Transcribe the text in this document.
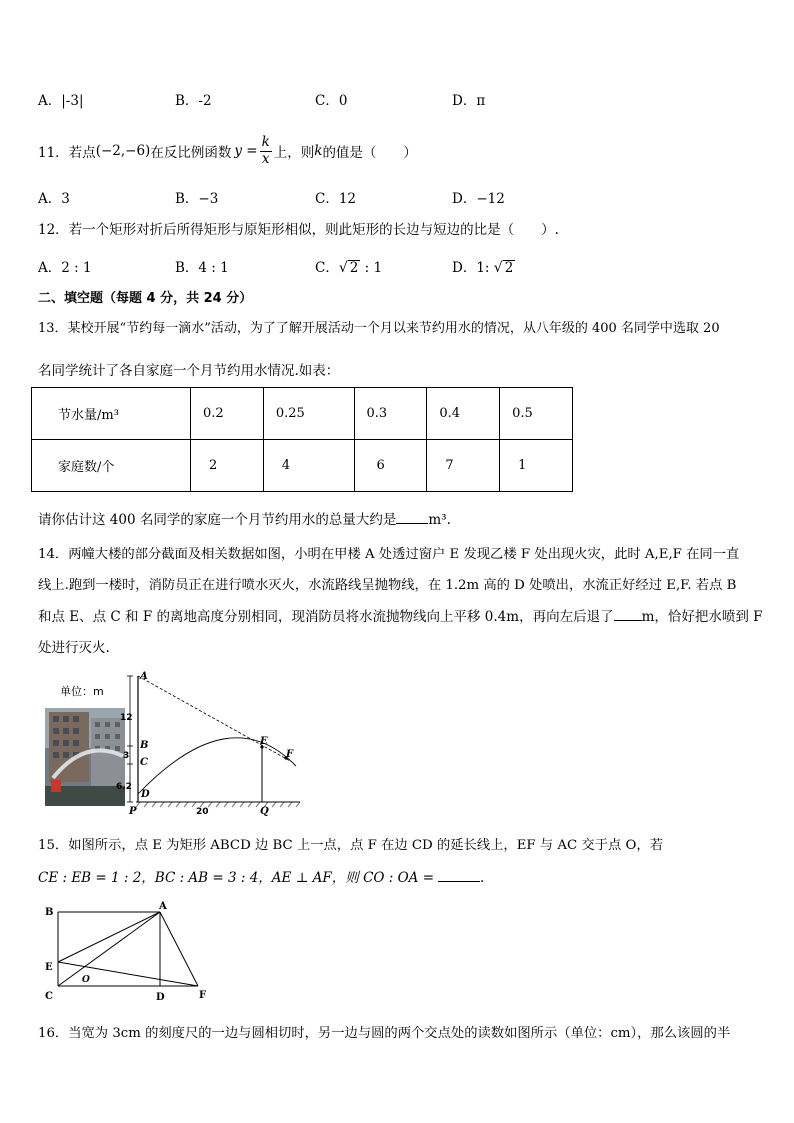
A．|-3|	B．-2	C．0	D．π
11．若点 (−2,−6) 在反比例函数 $y = \frac{k}{x}$ 上，则 k 的值是（　　）
A．3	B．−3	C．12	D．−12
12．若一个矩形对折后所得矩形与原矩形相似，则此矩形的长边与短边的比是（　　）.
A．2 : 1	B．4 : 1	C．√ 2 : 1	D．1: √ 2
二、填空题（每题 4 分，共 24 分）
13．某校开展“节约每一滴水”活动，为了了解开展活动一个月以来节约用水的情况，从八年级的 400 名同学中选取 20
名同学统计了各自家庭一个月节约用水情况.如表：
节水量/m³	0.2	0.25	0.3	0.4	0.5
家庭数/个	2	4	6	7	1
请你估计这 400 名同学的家庭一个月节约用水的总量大约是 m³.
14．两幢大楼的部分截面及相关数据如图，小明在甲楼 A 处透过窗户 E 发现乙楼 F 处出现火灾，此时 A,E,F 在同一直
线上.跑到一楼时，消防员正在进行喷水灭火，水流路线呈抛物线，在 1.2m 高的 D 处喷出，水流正好经过 E,F. 若点 B
和点 E、点 C 和 F 的离地高度分别相同，现消防员将水流抛物线向上平移 0.4m，再向左后退了 m，恰好把水喷到 F
处进行灭火.
单位：m
A
B
C
D
P
E
F
Q
12
3
6.2
20
15．如图所示，点 E 为矩形 ABCD 边 BC 上一点，点 F 在边 CD 的延长线上，EF 与 AC 交于点 O，若
CE : EB = 1 : 2，BC : AB = 3 : 4，AE ⊥ AF，则 CO : OA =	.
B
A
E
O
C	D	F
16．当宽为 3cm 的刻度尺的一边与圆相切时，另一边与圆的两个交点处的读数如图所示（单位：cm），那么该圆的半
